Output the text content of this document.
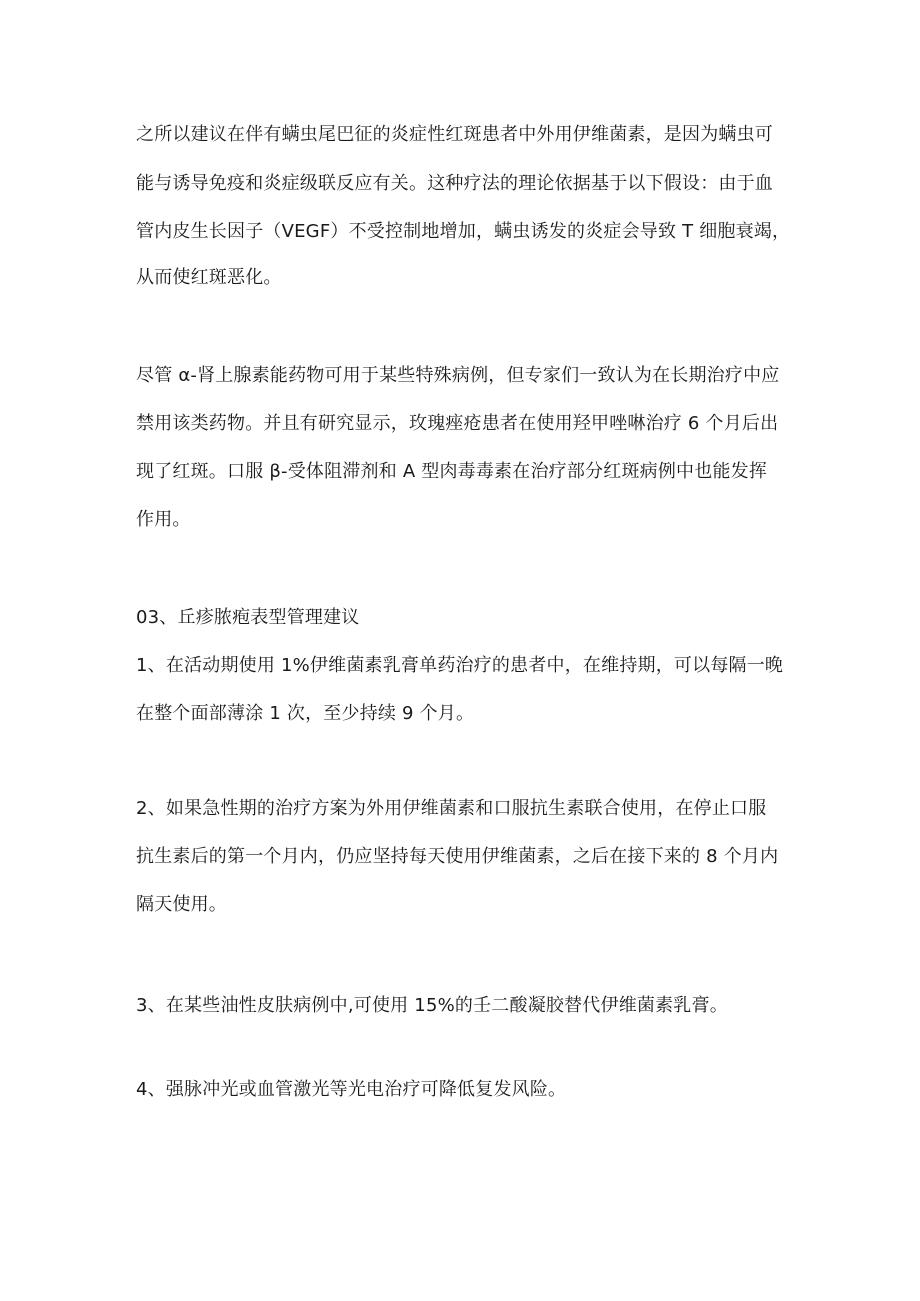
之所以建议在伴有螨虫尾巴征的炎症性红斑患者中外用伊维菌素，是因为螨虫可
能与诱导免疫和炎症级联反应有关。这种疗法的理论依据基于以下假设：由于血
管内皮生长因子（VEGF）不受控制地增加，螨虫诱发的炎症会导致 T 细胞衰竭，
从而使红斑恶化。
尽管 α-肾上腺素能药物可用于某些特殊病例，但专家们一致认为在长期治疗中应
禁用该类药物。并且有研究显示，玫瑰痤疮患者在使用羟甲唑啉治疗 6 个月后出
现了红斑。口服 β-受体阻滞剂和 A 型肉毒毒素在治疗部分红斑病例中也能发挥
作用。
03、丘疹脓疱表型管理建议
1、在活动期使用 1%伊维菌素乳膏单药治疗的患者中，在维持期，可以每隔一晚
在整个面部薄涂 1 次，至少持续 9 个月。
2、如果急性期的治疗方案为外用伊维菌素和口服抗生素联合使用，在停止口服
抗生素后的第一个月内，仍应坚持每天使用伊维菌素，之后在接下来的 8 个月内
隔天使用。
3、在某些油性皮肤病例中,可使用 15%的壬二酸凝胶替代伊维菌素乳膏。
4、强脉冲光或血管激光等光电治疗可降低复发风险。
